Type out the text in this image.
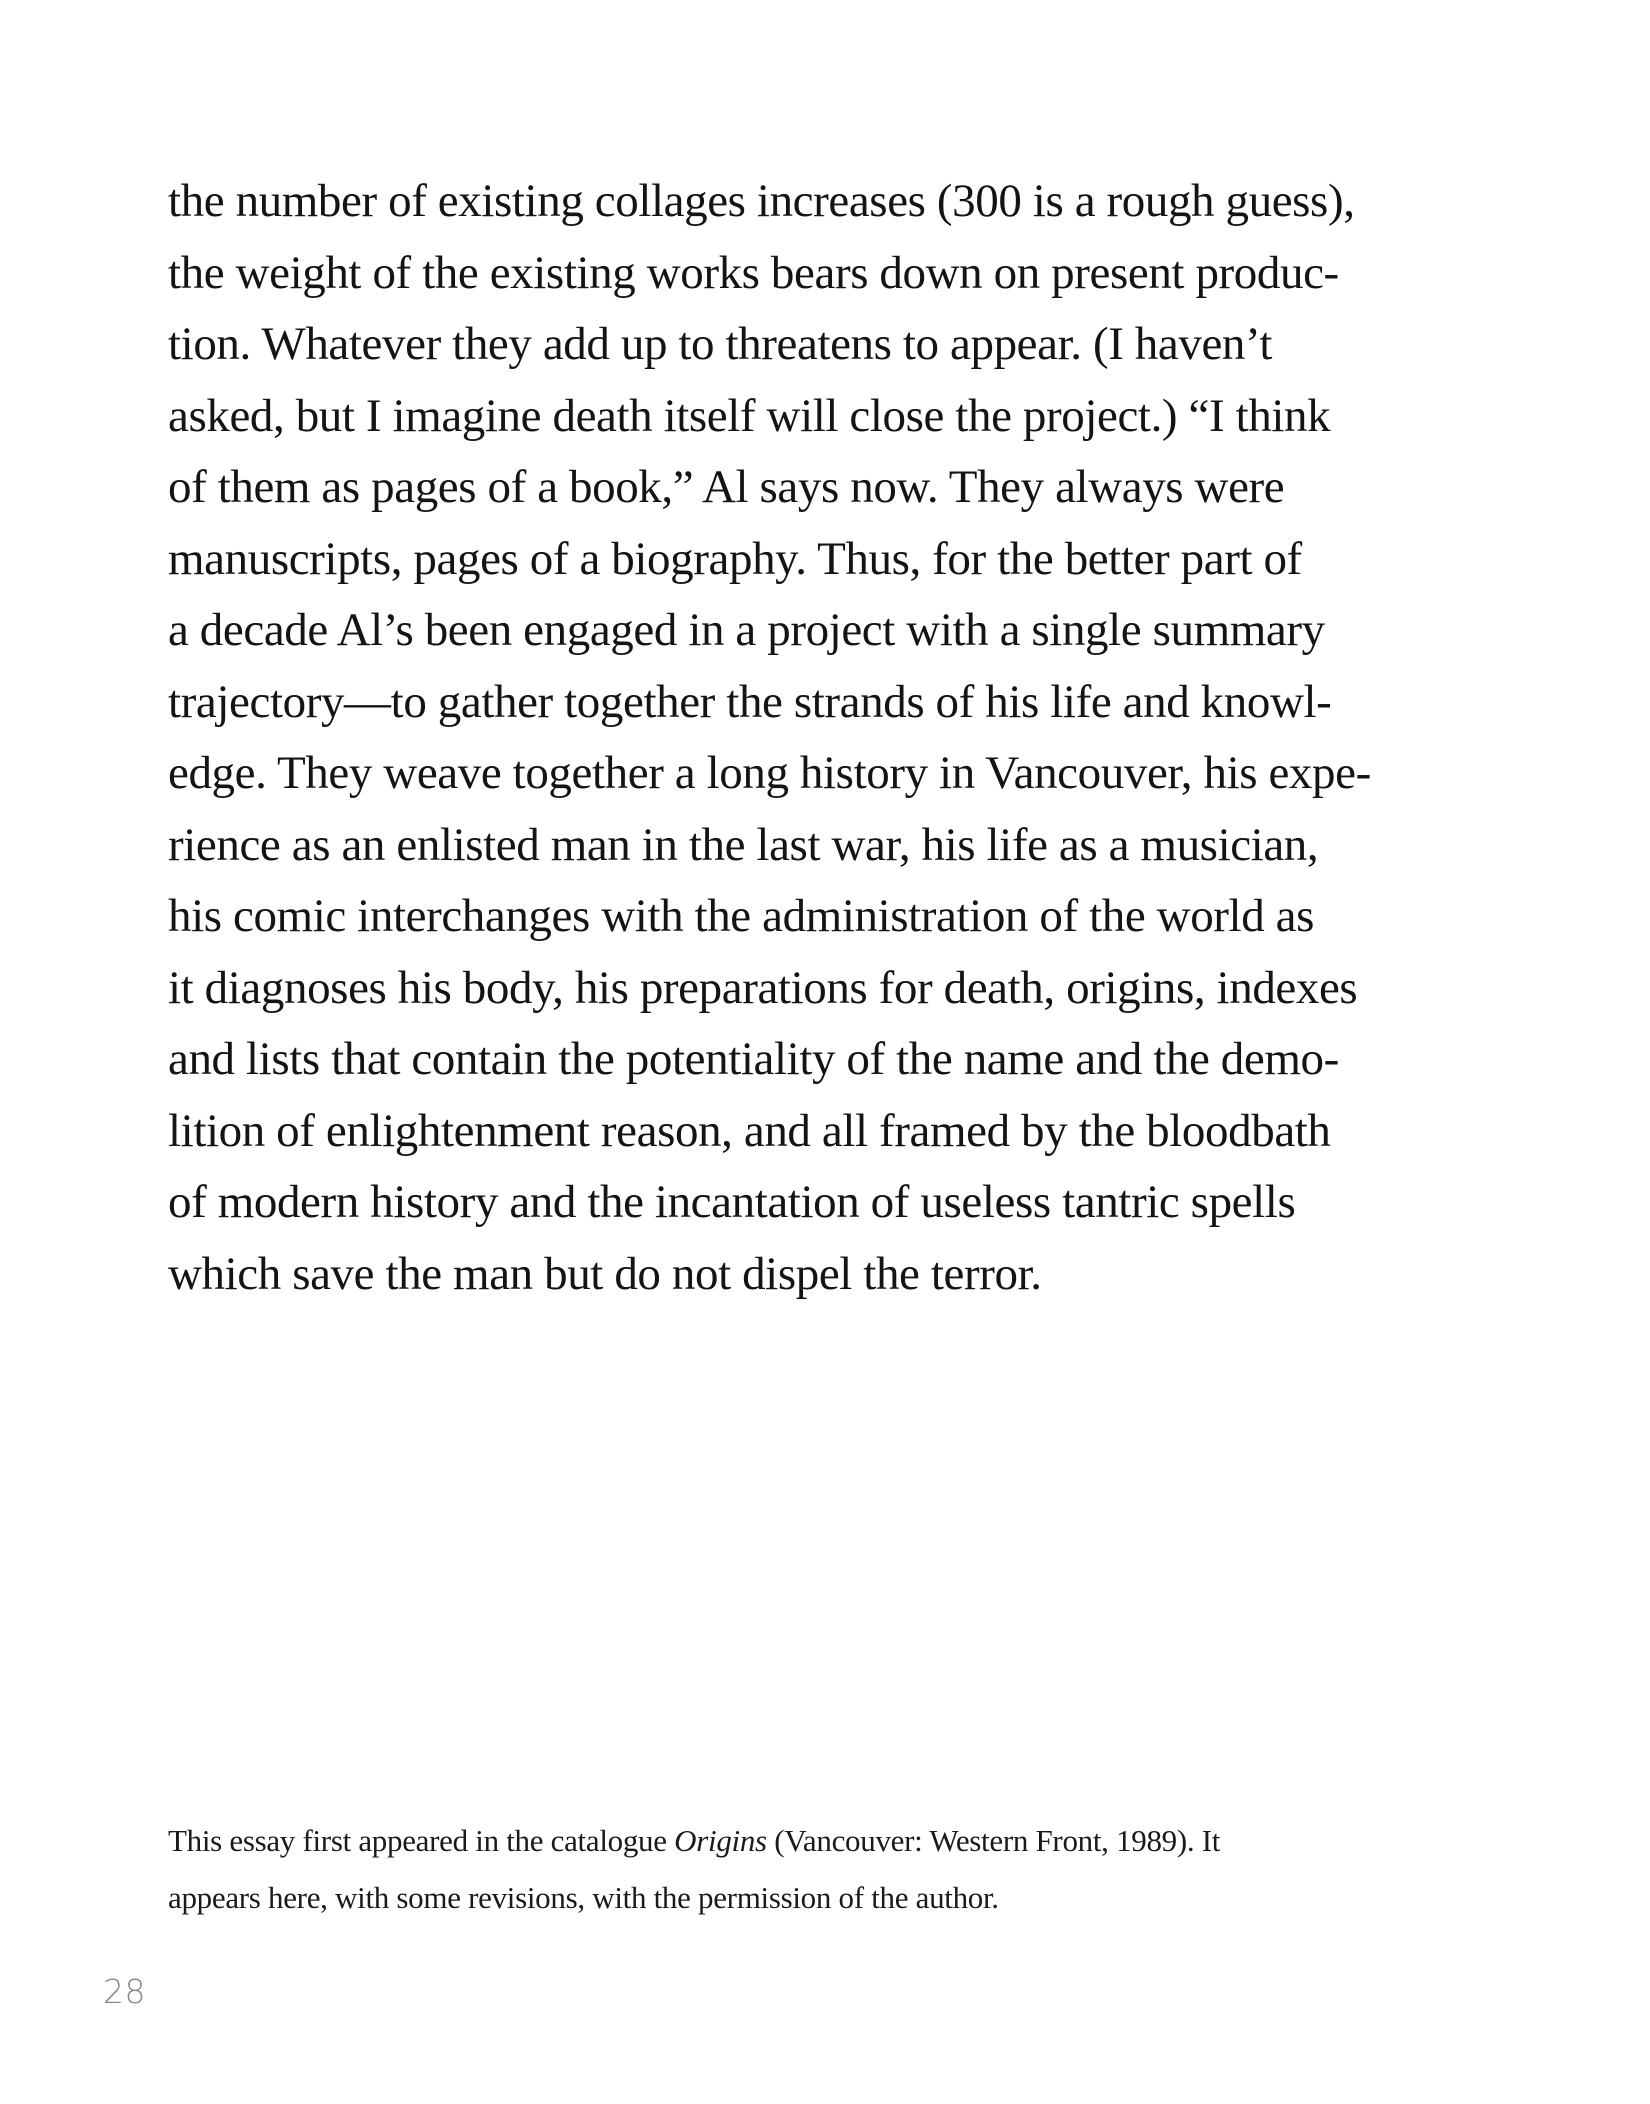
the number of existing collages increases (300 is a rough guess),
the weight of the existing works bears down on present produc-
tion. Whatever they add up to threatens to appear. (I haven’t
asked, but I imagine death itself will close the project.) “I think
of them as pages of a book,” Al says now. They always were
manuscripts, pages of a biography. Thus, for the better part of
a decade Al’s been engaged in a project with a single summary
trajectory—to gather together the strands of his life and knowl-
edge. They weave together a long history in Vancouver, his expe-
rience as an enlisted man in the last war, his life as a musician,
his comic interchanges with the administration of the world as
it diagnoses his body, his preparations for death, origins, indexes
and lists that contain the potentiality of the name and the demo-
lition of enlightenment reason, and all framed by the bloodbath
of modern history and the incantation of useless tantric spells
which save the man but do not dispel the terror.

This essay first appeared in the catalogue Origins (Vancouver: Western Front, 1989). It
appears here, with some revisions, with the permission of the author.

28
